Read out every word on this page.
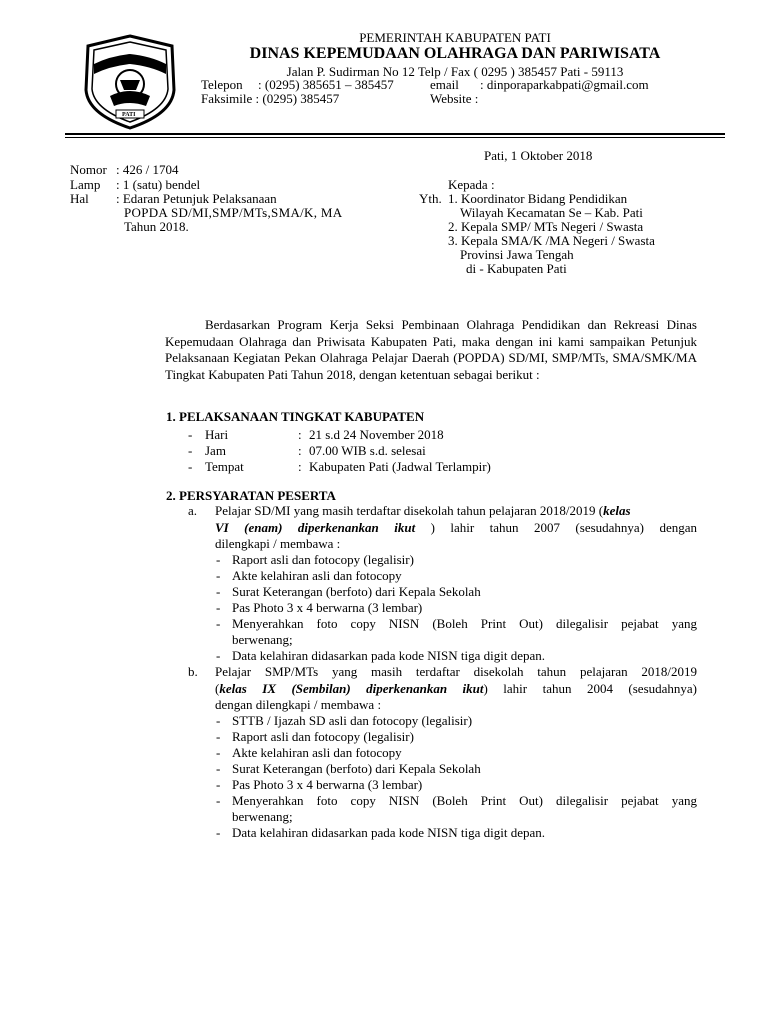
PATI
PEMERINTAH KABUPATEN PATI
DINAS KEPEMUDAAN OLAHRAGA DAN PARIWISATA
Jalan P. Sudirman No 12 Telp / Fax ( 0295 ) 385457 Pati - 59113
Telepon : (0295) 385651 – 385457	email : dinporaparkabpati@gmail.com
Faksimile : (0295) 385457	Website :
Pati, 1 Oktober 2018
Nomor : 426 / 1704
Lamp : 1 (satu) bendel
Hal : Edaran Petunjuk Pelaksanaan
POPDA SD/MI,SMP/MTs,SMA/K, MA
Tahun 2018.
Kepada :
Yth. 1. Koordinator Bidang Pendidikan
Wilayah Kecamatan Se – Kab. Pati
2. Kepala SMP/ MTs Negeri / Swasta
3. Kepala SMA/K /MA Negeri / Swasta
Provinsi Jawa Tengah
di - Kabupaten Pati
Berdasarkan Program Kerja Seksi Pembinaan Olahraga Pendidikan dan Rekreasi Dinas Kepemudaan Olahraga dan Priwisata Kabupaten Pati, maka dengan ini kami sampaikan Petunjuk Pelaksanaan Kegiatan Pekan Olahraga Pelajar Daerah (POPDA) SD/MI, SMP/MTs, SMA/SMK/MA Tingkat Kabupaten Pati Tahun 2018, dengan ketentuan sebagai berikut :
1. PELAKSANAAN TINGKAT KABUPATEN
- Hari	: 21 s.d 24 November 2018
- Jam	: 07.00 WIB s.d. selesai
- Tempat	: Kabupaten Pati (Jadwal Terlampir)
2. PERSYARATAN PESERTA
a. Pelajar SD/MI yang masih terdaftar disekolah tahun pelajaran 2018/2019 (kelas
VI (enam) diperkenankan ikut ) lahir tahun 2007 (sesudahnya) dengan
dilengkapi / membawa :
- Raport asli dan fotocopy (legalisir)
- Akte kelahiran asli dan fotocopy
- Surat Keterangan (berfoto) dari Kepala Sekolah
- Pas Photo 3 x 4 berwarna (3 lembar)
- Menyerahkan foto copy NISN (Boleh Print Out) dilegalisir pejabat yang
berwenang;
- Data kelahiran didasarkan pada kode NISN tiga digit depan.
b. Pelajar SMP/MTs yang masih terdaftar disekolah tahun pelajaran 2018/2019
(kelas IX (Sembilan) diperkenankan ikut) lahir tahun 2004 (sesudahnya)
dengan dilengkapi / membawa :
- STTB / Ijazah SD asli dan fotocopy (legalisir)
- Raport asli dan fotocopy (legalisir)
- Akte kelahiran asli dan fotocopy
- Surat Keterangan (berfoto) dari Kepala Sekolah
- Pas Photo 3 x 4 berwarna (3 lembar)
- Menyerahkan foto copy NISN (Boleh Print Out) dilegalisir pejabat yang
berwenang;
- Data kelahiran didasarkan pada kode NISN tiga digit depan.
